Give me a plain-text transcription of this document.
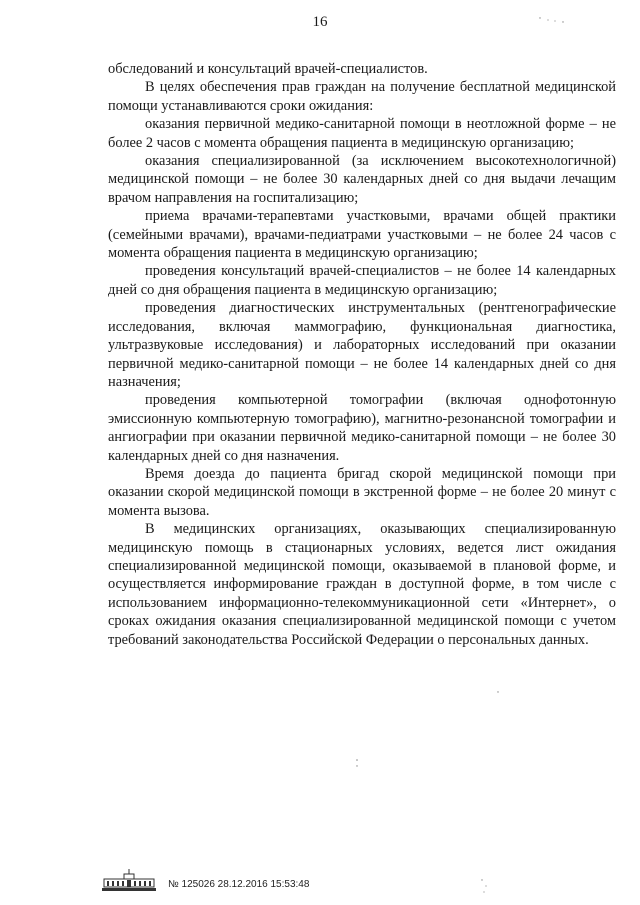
16

обследований и консультаций врачей-специалистов.

В целях обеспечения прав граждан на получение бесплатной медицинской помощи устанавливаются сроки ожидания:

оказания первичной медико-санитарной помощи в неотложной форме – не более 2 часов с момента обращения пациента в медицинскую организацию;

оказания специализированной (за исключением высокотехнологичной) медицинской помощи – не более 30 календарных дней со дня выдачи лечащим врачом направления на госпитализацию;

приема врачами-терапевтами участковыми, врачами общей практики (семейными врачами), врачами-педиатрами участковыми – не более 24 часов с момента обращения пациента в медицинскую организацию;

проведения консультаций врачей-специалистов – не более 14 календарных дней со дня обращения пациента в медицинскую организацию;

проведения диагностических инструментальных (рентгенографические исследования, включая маммографию, функциональная диагностика, ультразвуковые исследования) и лабораторных исследований при оказании первичной медико-санитарной помощи – не более 14 календарных дней со дня назначения;

проведения компьютерной томографии (включая однофотонную эмиссионную компьютерную томографию), магнитно-резонансной томографии и ангиографии при оказании первичной медико-санитарной помощи – не более 30 календарных дней со дня назначения.

Время доезда до пациента бригад скорой медицинской помощи при оказании скорой медицинской помощи в экстренной форме – не более 20 минут с момента вызова.

В медицинских организациях, оказывающих специализированную медицинскую помощь в стационарных условиях, ведется лист ожидания специализированной медицинской помощи, оказываемой в плановой форме, и осуществляется информирование граждан в доступной форме, в том числе с использованием информационно-телекоммуникационной сети «Интернет», о сроках ожидания оказания специализированной медицинской помощи с учетом требований законодательства Российской Федерации о персональных данных.

№ 125026 28.12.2016 15:53:48
